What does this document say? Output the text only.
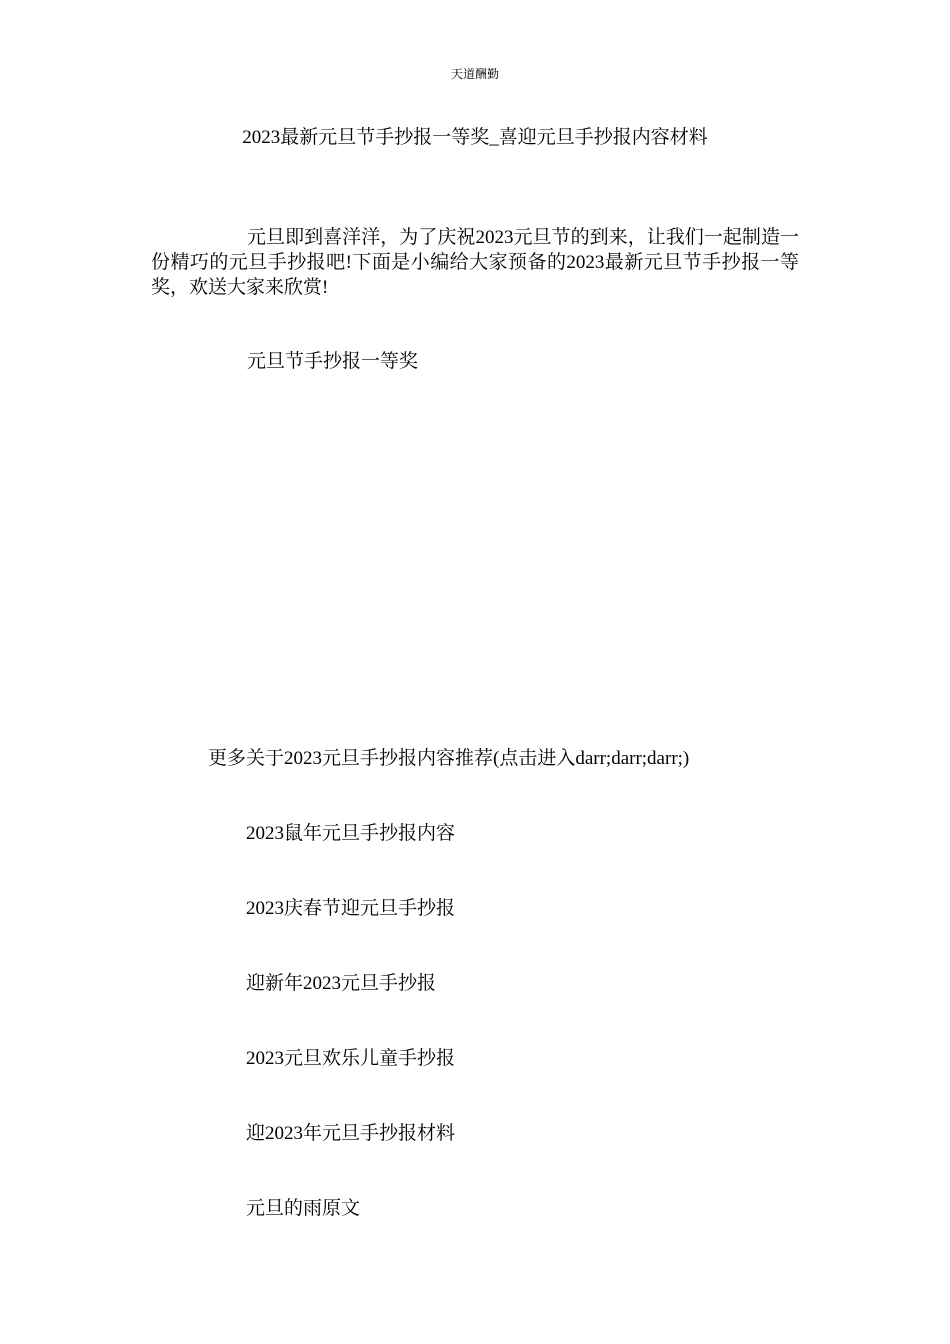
天道酬勤
2023最新元旦节手抄报一等奖_喜迎元旦手抄报内容材料

元旦即到喜洋洋，为了庆祝2023元旦节的到来，让我们一起制造一份精巧的元旦手抄报吧!下面是小编给大家预备的2023最新元旦节手抄报一等奖，欢送大家来欣赏!

元旦节手抄报一等奖
更多关于2023元旦手抄报内容推荐(点击进入darr;darr;darr;)
2023鼠年元旦手抄报内容
2023庆春节迎元旦手抄报
迎新年2023元旦手抄报
2023元旦欢乐儿童手抄报
迎2023年元旦手抄报材料
元旦的雨原文
